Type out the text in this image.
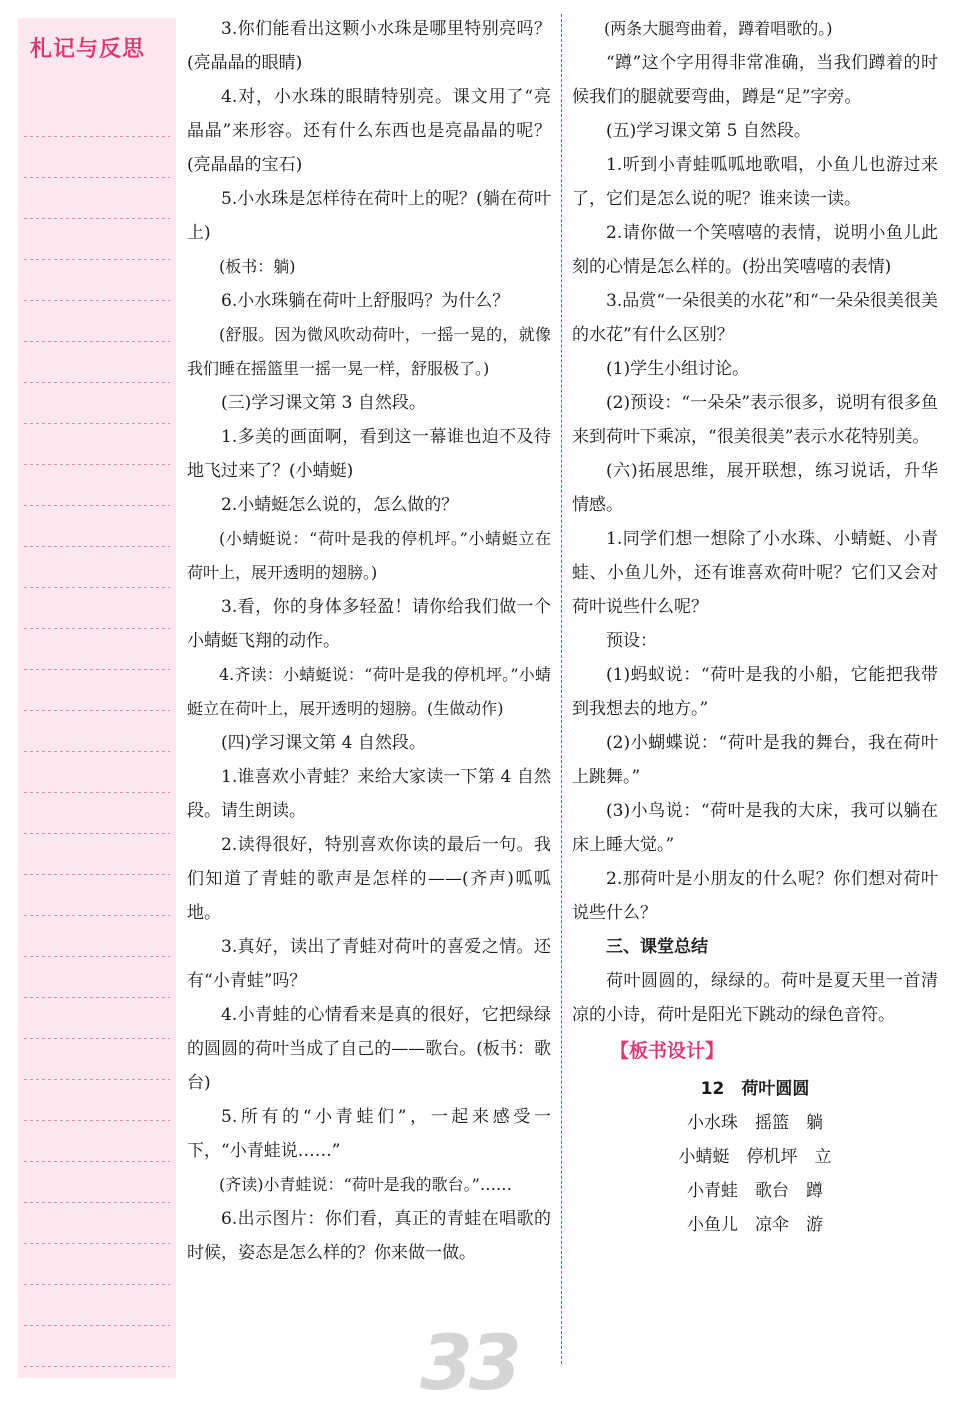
札记与反思

3.你们能看出这颗小水珠是哪里特别亮吗？(亮晶晶的眼睛)

4.对，小水珠的眼睛特别亮。课文用了“亮晶晶”来形容。还有什么东西也是亮晶晶的呢？(亮晶晶的宝石)

5.小水珠是怎样待在荷叶上的呢？(躺在荷叶上)

(板书：躺)

6.小水珠躺在荷叶上舒服吗？为什么？

(舒服。因为微风吹动荷叶，一摇一晃的，就像我们睡在摇篮里一摇一晃一样，舒服极了。)

(三)学习课文第 3 自然段。

1.多美的画面啊，看到这一幕谁也迫不及待地飞过来了？(小蜻蜓)

2.小蜻蜓怎么说的，怎么做的？

(小蜻蜓说：“荷叶是我的停机坪。”小蜻蜓立在荷叶上，展开透明的翅膀。)

3.看，你的身体多轻盈！请你给我们做一个小蜻蜓飞翔的动作。

4.齐读：小蜻蜓说：“荷叶是我的停机坪。”小蜻蜓立在荷叶上，展开透明的翅膀。(生做动作)

(四)学习课文第 4 自然段。

1.谁喜欢小青蛙？来给大家读一下第 4 自然段。请生朗读。

2.读得很好，特别喜欢你读的最后一句。我们知道了青蛙的歌声是怎样的——(齐声)呱呱地。

3.真好，读出了青蛙对荷叶的喜爱之情。还有“小青蛙”吗？

4.小青蛙的心情看来是真的很好，它把绿绿的圆圆的荷叶当成了自己的——歌台。(板书：歌台)

5.所有的“小青蛙们”，一起来感受一下，“小青蛙说……”

(齐读)小青蛙说：“荷叶是我的歌台。”……

6.出示图片：你们看，真正的青蛙在唱歌的时候，姿态是怎么样的？你来做一做。

(两条大腿弯曲着，蹲着唱歌的。)

“蹲”这个字用得非常准确，当我们蹲着的时候我们的腿就要弯曲，蹲是“足”字旁。

(五)学习课文第 5 自然段。

1.听到小青蛙呱呱地歌唱，小鱼儿也游过来了，它们是怎么说的呢？谁来读一读。

2.请你做一个笑嘻嘻的表情，说明小鱼儿此刻的心情是怎么样的。(扮出笑嘻嘻的表情)

3.品赏“一朵很美的水花”和“一朵朵很美很美的水花”有什么区别？

(1)学生小组讨论。

(2)预设：“一朵朵”表示很多，说明有很多鱼来到荷叶下乘凉，“很美很美”表示水花特别美。

(六)拓展思维，展开联想，练习说话，升华情感。

1.同学们想一想除了小水珠、小蜻蜓、小青蛙、小鱼儿外，还有谁喜欢荷叶呢？它们又会对荷叶说些什么呢？

预设：

(1)蚂蚁说：“荷叶是我的小船，它能把我带到我想去的地方。”

(2)小蝴蝶说：“荷叶是我的舞台，我在荷叶上跳舞。”

(3)小鸟说：“荷叶是我的大床，我可以躺在床上睡大觉。”

2.那荷叶是小朋友的什么呢？你们想对荷叶说些什么？

三、课堂总结

荷叶圆圆的，绿绿的。荷叶是夏天里一首清凉的小诗，荷叶是阳光下跳动的绿色音符。

【板书设计】

12　 荷叶圆圆
小水珠　 摇篮　 躺
小蜻蜓　 停机坪　 立
小青蛙　 歌台　 蹲
小鱼儿　 凉伞　 游
33
